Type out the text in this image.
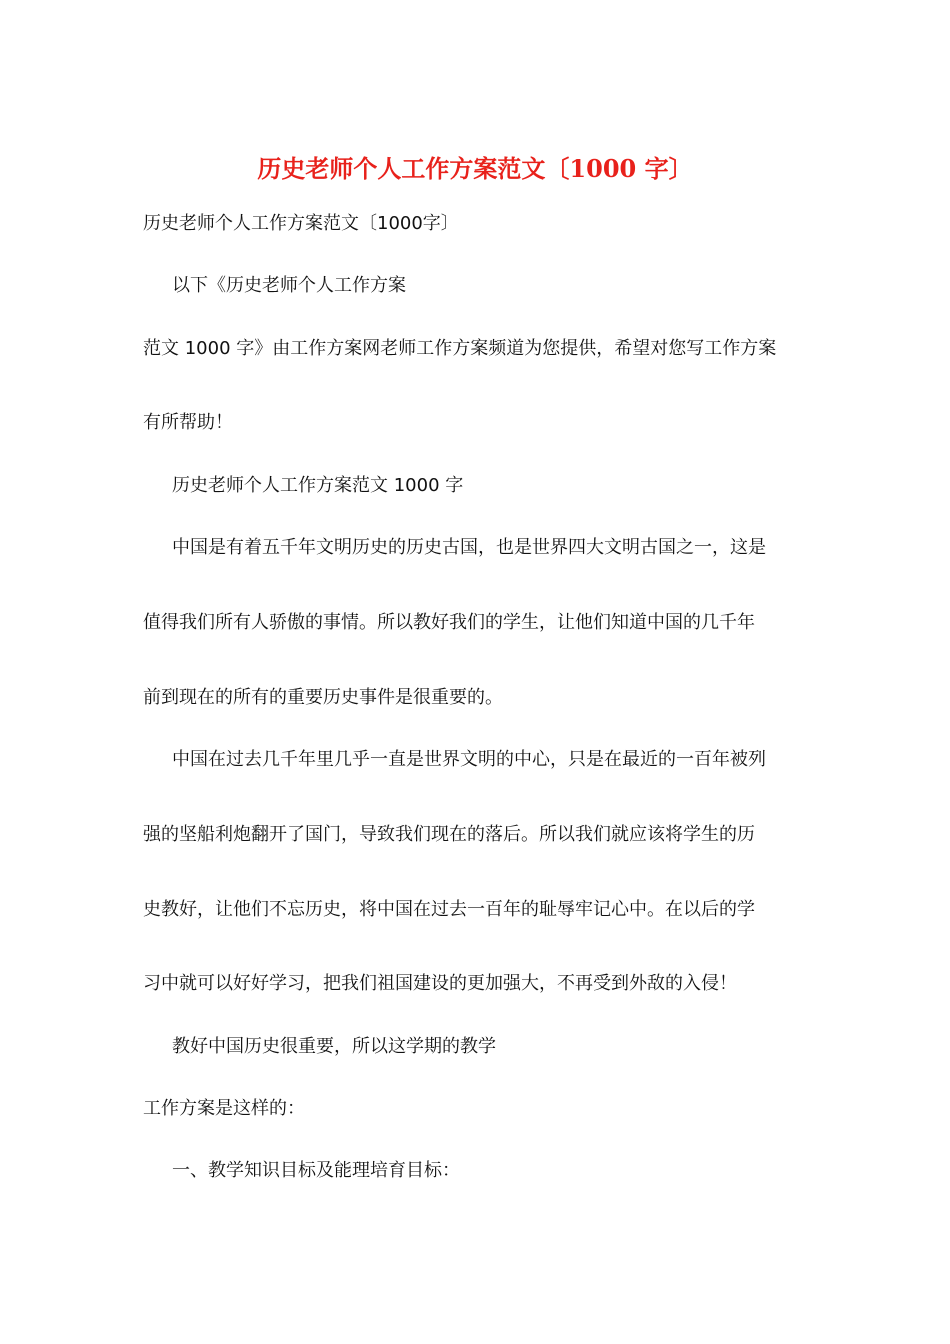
历史老师个人工作方案范文〔1000 字〕

历史老师个人工作方案范文〔1000字〕

以下《历史老师个人工作方案

范文 1000 字》由工作方案网老师工作方案频道为您提供，希望对您写工作方案

有所帮助！

历史老师个人工作方案范文 1000 字

中国是有着五千年文明历史的历史古国，也是世界四大文明古国之一，这是

值得我们所有人骄傲的事情。所以教好我们的学生，让他们知道中国的几千年

前到现在的所有的重要历史事件是很重要的。

中国在过去几千年里几乎一直是世界文明的中心，只是在最近的一百年被列

强的坚船利炮翻开了国门，导致我们现在的落后。所以我们就应该将学生的历

史教好，让他们不忘历史，将中国在过去一百年的耻辱牢记心中。在以后的学

习中就可以好好学习，把我们祖国建设的更加强大，不再受到外敌的入侵！

教好中国历史很重要，所以这学期的教学

工作方案是这样的：

一、教学知识目标及能理培育目标：
